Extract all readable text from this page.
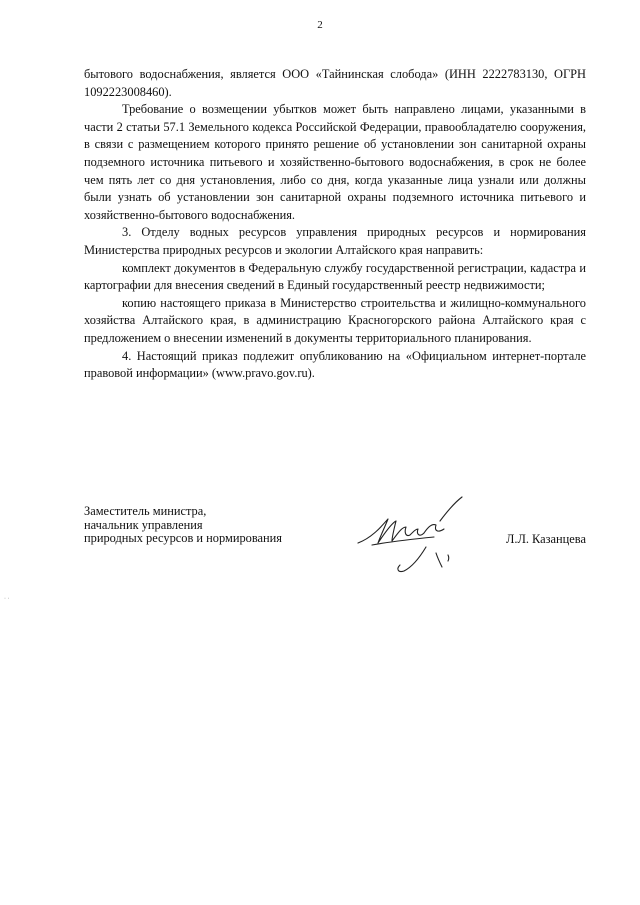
2

бытового водоснабжения, является ООО «Тайнинская слобода» (ИНН 2222783130, ОГРН 1092223008460).

Требование о возмещении убытков может быть направлено лицами, указанными в части 2 статьи 57.1 Земельного кодекса Российской Федерации, правообладателю сооружения, в связи с размещением которого принято решение об установлении зон санитарной охраны подземного источника питьевого и хозяйственно-бытового водоснабжения, в срок не более чем пять лет со дня установления, либо со дня, когда указанные лица узнали или должны были узнать об установлении зон санитарной охраны подземного источника питьевого и хозяйственно-бытового водоснабжения.

3. Отделу водных ресурсов управления природных ресурсов и нормирования Министерства природных ресурсов и экологии Алтайского края направить:

комплект документов в Федеральную службу государственной регистрации, кадастра и картографии для внесения сведений в Единый государственный реестр недвижимости;

копию настоящего приказа в Министерство строительства и жилищно-коммунального хозяйства Алтайского края, в администрацию Красногорского района Алтайского края с предложением о внесении изменений в документы территориального планирования.

4. Настоящий приказ подлежит опубликованию на «Официальном интернет-портале правовой информации» (www.pravo.gov.ru).

Заместитель министра,
начальник управления
природных ресурсов и нормирования	Л.Л. Казанцева
· ·
